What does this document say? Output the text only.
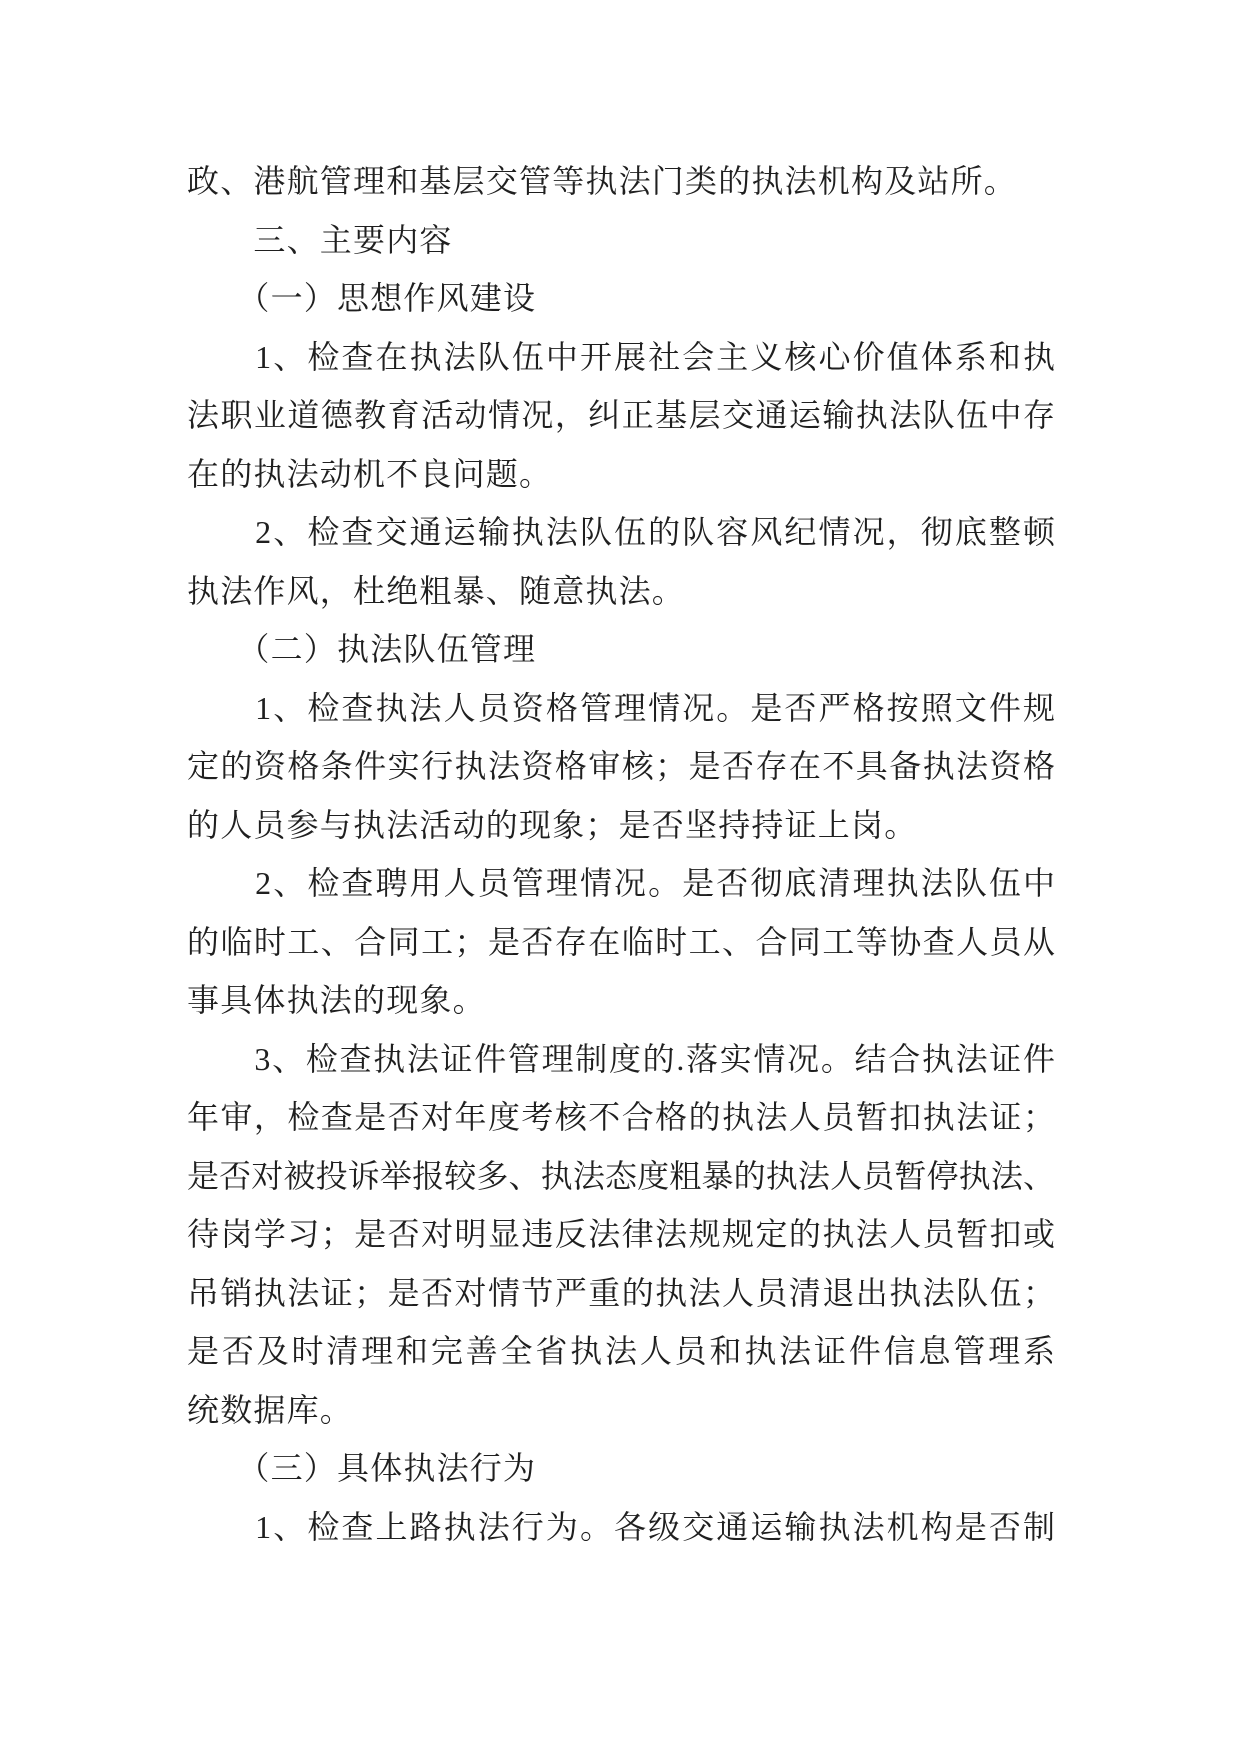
政、港航管理和基层交管等执法门类的执法机构及站所。
　　三、主要内容
　　（一）思想作风建设
　　1、检查在执法队伍中开展社会主义核心价值体系和执
法职业道德教育活动情况，纠正基层交通运输执法队伍中存
在的执法动机不良问题。
　　2、检查交通运输执法队伍的队容风纪情况，彻底整顿
执法作风，杜绝粗暴、随意执法。
　　（二）执法队伍管理
　　1、检查执法人员资格管理情况。是否严格按照文件规
定的资格条件实行执法资格审核；是否存在不具备执法资格
的人员参与执法活动的现象；是否坚持持证上岗。
　　2、检查聘用人员管理情况。是否彻底清理执法队伍中
的临时工、合同工；是否存在临时工、合同工等协查人员从
事具体执法的现象。
　　3、检查执法证件管理制度的.落实情况。结合执法证件
年审，检查是否对年度考核不合格的执法人员暂扣执法证；
是否对被投诉举报较多、执法态度粗暴的执法人员暂停执法、
待岗学习；是否对明显违反法律法规规定的执法人员暂扣或
吊销执法证；是否对情节严重的执法人员清退出执法队伍；
是否及时清理和完善全省执法人员和执法证件信息管理系
统数据库。
　　（三）具体执法行为
　　1、检查上路执法行为。各级交通运输执法机构是否制
